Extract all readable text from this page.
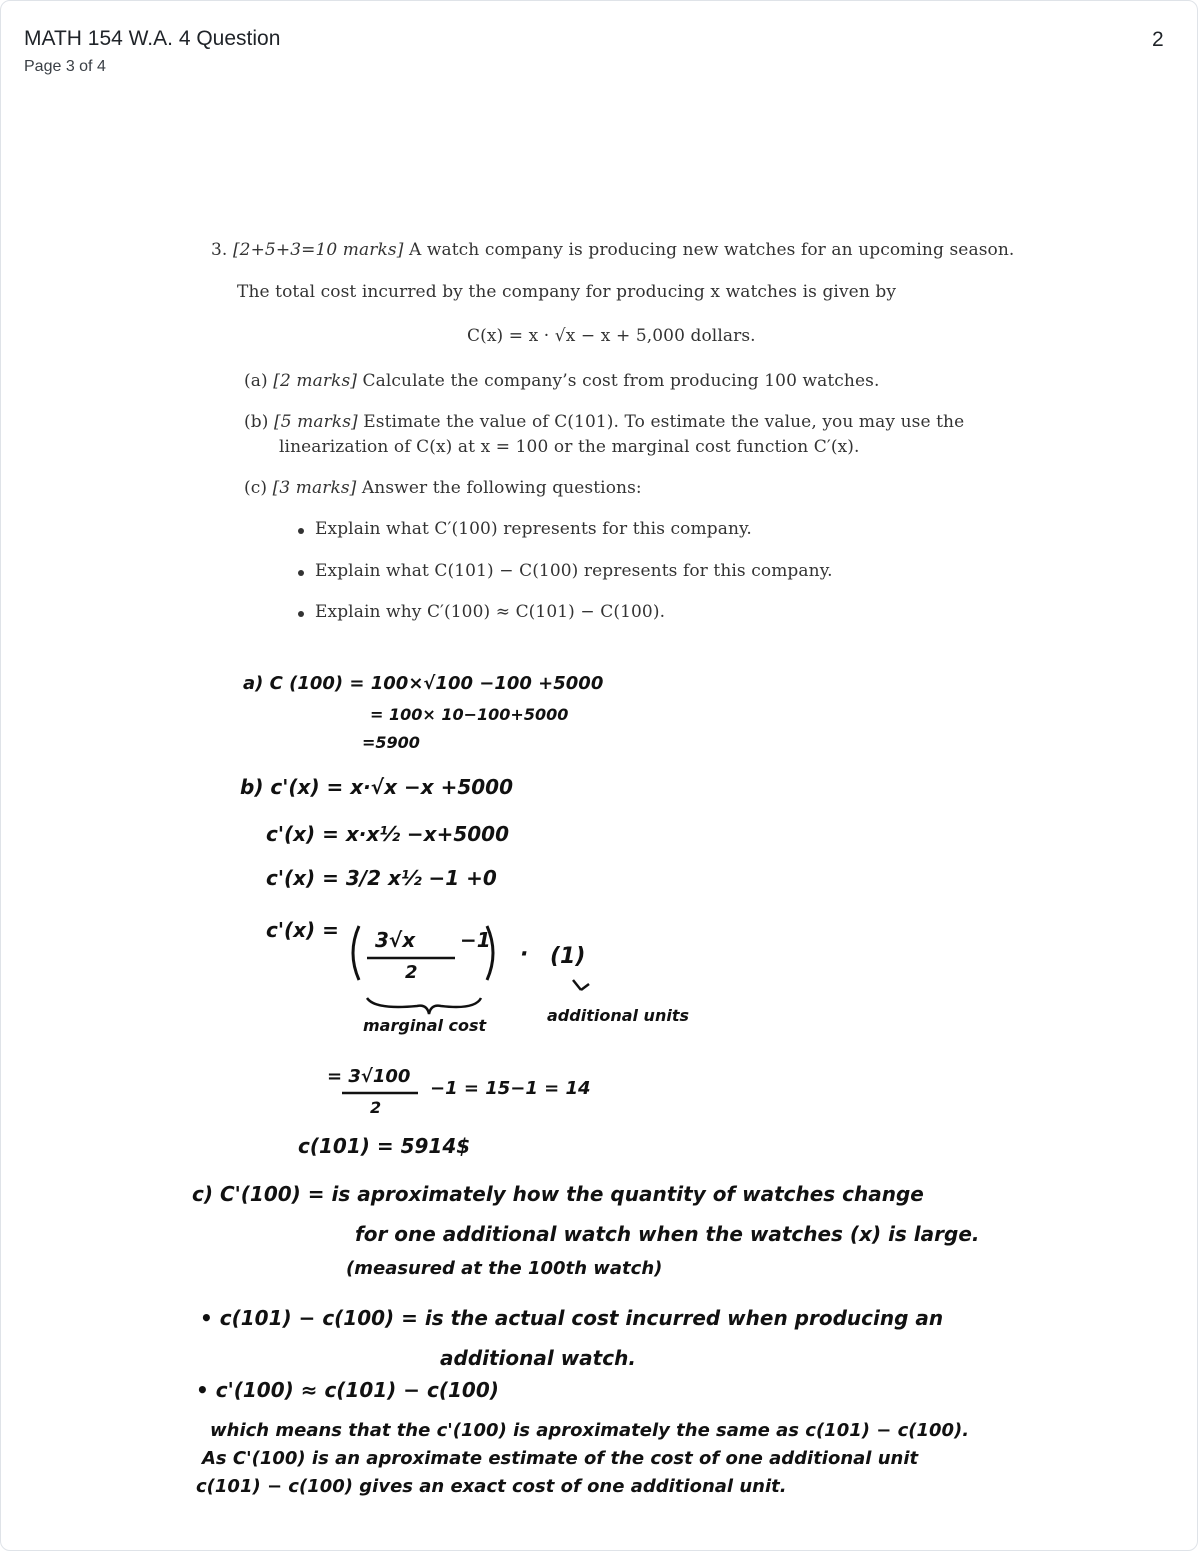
MATH 154 W.A. 4 Question
Page 3 of 4
2
3. [2+5+3=10 marks] A watch company is producing new watches for an upcoming season.
The total cost incurred by the company for producing x watches is given by
C(x) = x · √x − x + 5,000 dollars.
(a) [2 marks] Calculate the company’s cost from producing 100 watches.
(b) [5 marks] Estimate the value of C(101). To estimate the value, you may use the
linearization of C(x) at x = 100 or the marginal cost function C′(x).
(c) [3 marks] Answer the following questions:
Explain what C′(100) represents for this company.
Explain what C(101) − C(100) represents for this company.
Explain why C′(100) ≈ C(101) − C(100).
a) C (100) = 100×√100 −100 +5000
= 100× 10−100+5000
=5900
b) c'(x) = x·√x −x +5000
c'(x) = x·x½ −x+5000
c'(x) = 3/2 x½ −1 +0
c'(x) = 3√x −1
2
· (1)
marginal cost
additional units
= 3√100
2
−1 = 15−1 = 14
c(101) = 5914$
c) C'(100) = is aproximately how the quantity of watches change
for one additional watch when the watches (x) is large.
(measured at the 100th watch)
• c(101) − c(100) = is the actual cost incurred when producing an
additional watch.
• c'(100) ≈ c(101) − c(100)
which means that the c'(100) is aproximately the same as c(101) − c(100).
As C'(100) is an aproximate estimate of the cost of one additional unit
c(101) − c(100) gives an exact cost of one additional unit.
